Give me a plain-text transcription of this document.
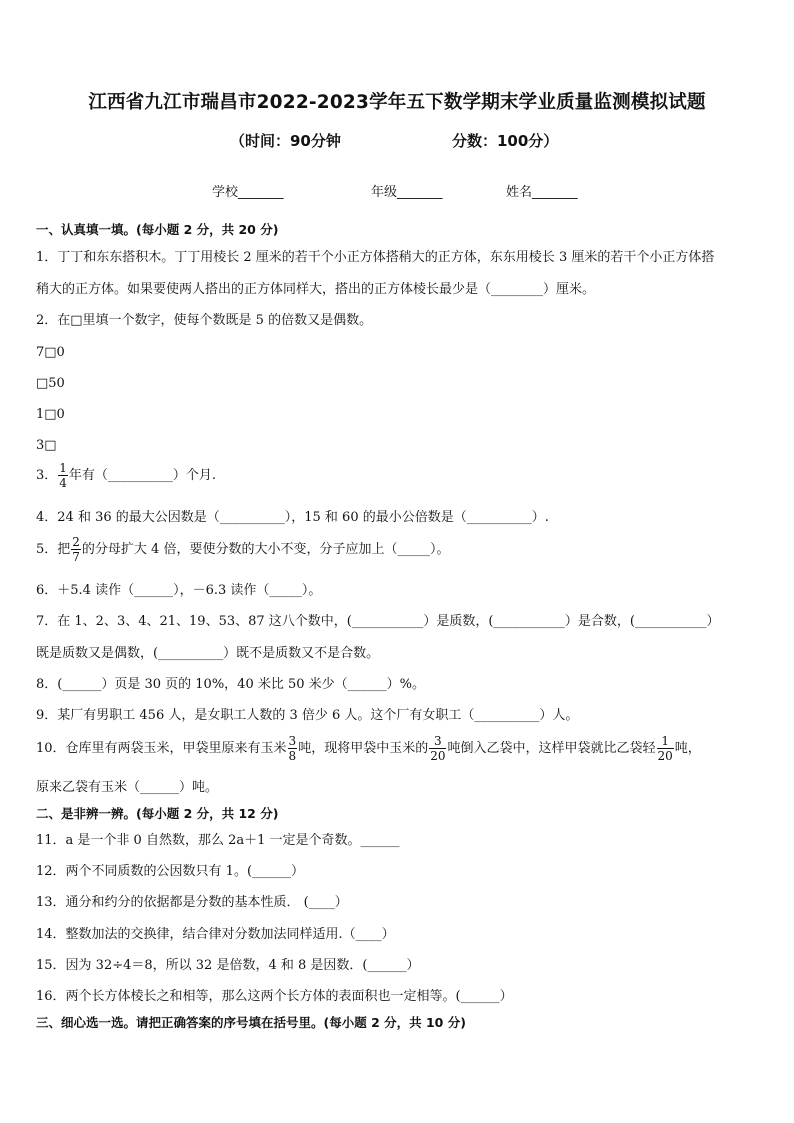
江西省九江市瑞昌市2022-2023学年五下数学期末学业质量监测模拟试题
（时间：90分钟	分数：100分）
学校_______	年级_______	姓名_______
一、认真填一填。(每小题 2 分，共 20 分)
1．丁丁和东东搭积木。丁丁用棱长 2 厘米的若干个小正方体搭稍大的正方体，东东用棱长 3 厘米的若干个小正方体搭
稍大的正方体。如果要使两人搭出的正方体同样大，搭出的正方体棱长最少是（________）厘米。
2．在□里填一个数字，使每个数既是 5 的倍数又是偶数。
7□0
□50
1□0
3□
3． $\frac{1}{4}$ 年有（__________）个月.
4．24 和 36 的最大公因数是（__________），15 和 60 的最小公倍数是（__________）.
5．把 $\frac{2}{7}$ 的分母扩大 4 倍，要使分数的大小不变，分子应加上（_____）。
6．＋5.4 读作（______），－6.3 读作（_____）。
7．在 1、2、3、4、21、19、53、87 这八个数中，(___________）是质数，(___________）是合数，(___________）
既是质数又是偶数，(__________）既不是质数又不是合数。
8．(______）页是 30 页的 10%，40 米比 50 米少（______）%。
9．某厂有男职工 456 人，是女职工人数的 3 倍少 6 人。这个厂有女职工（__________）人。
10．仓库里有两袋玉米，甲袋里原来有玉米 $\frac{3}{8}$ 吨，现将甲袋中玉米的 $\frac{3}{20}$ 吨倒入乙袋中，这样甲袋就比乙袋轻 $\frac{1}{20}$ 吨，
原来乙袋有玉米（______）吨。
二、是非辨一辨。(每小题 2 分，共 12 分)
11．a 是一个非 0 自然数，那么 2a＋1 一定是个奇数。______
12．两个不同质数的公因数只有 1。(______）
13．通分和约分的依据都是分数的基本性质． (____）
14．整数加法的交换律，结合律对分数加法同样适用.（____）
15．因为 32÷4＝8，所以 32 是倍数，4 和 8 是因数．(______）
16．两个长方体棱长之和相等，那么这两个长方体的表面积也一定相等。(______）
三、细心选一选。请把正确答案的序号填在括号里。(每小题 2 分，共 10 分)
